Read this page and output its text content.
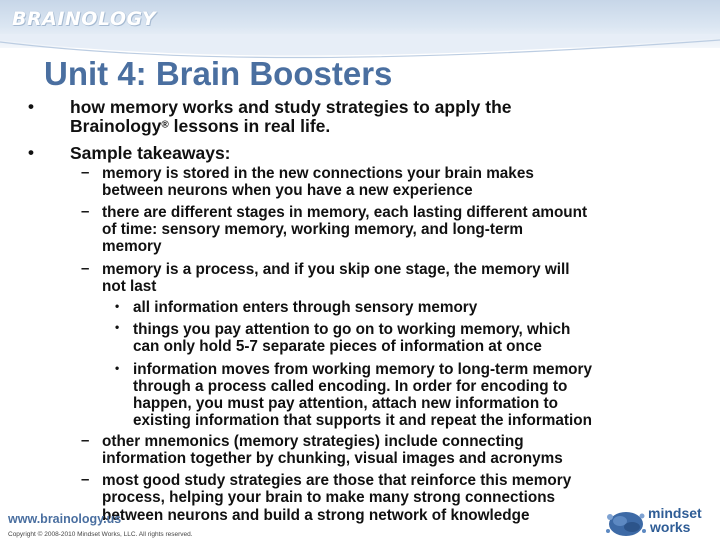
BRAINOLOGY
Unit 4: Brain Boosters
• how memory works and study strategies to apply the
Brainology® lessons in real life.
• Sample takeaways:
– memory is stored in the new connections your brain makes
between neurons when you have a new experience
– there are different stages in memory, each lasting different amount
of time: sensory memory, working memory, and long-term
memory
– memory is a process, and if you skip one stage, the memory will
not last
• all information enters through sensory memory
• things you pay attention to go on to working memory, which
can only hold 5-7 separate pieces of information at once
• information moves from working memory to long-term memory
through a process called encoding. In order for encoding to
happen, you must pay attention, attach new information to
existing information that supports it and repeat the information
– other mnemonics (memory strategies) include connecting
information together by chunking, visual images and acronyms
– most good study strategies are those that reinforce this memory
process, helping your brain to make many strong connections
between neurons and build a strong network of knowledge
www.brainology.us
Copyright © 2008-2010 Mindset Works, LLC. All rights reserved.
mindset
works
